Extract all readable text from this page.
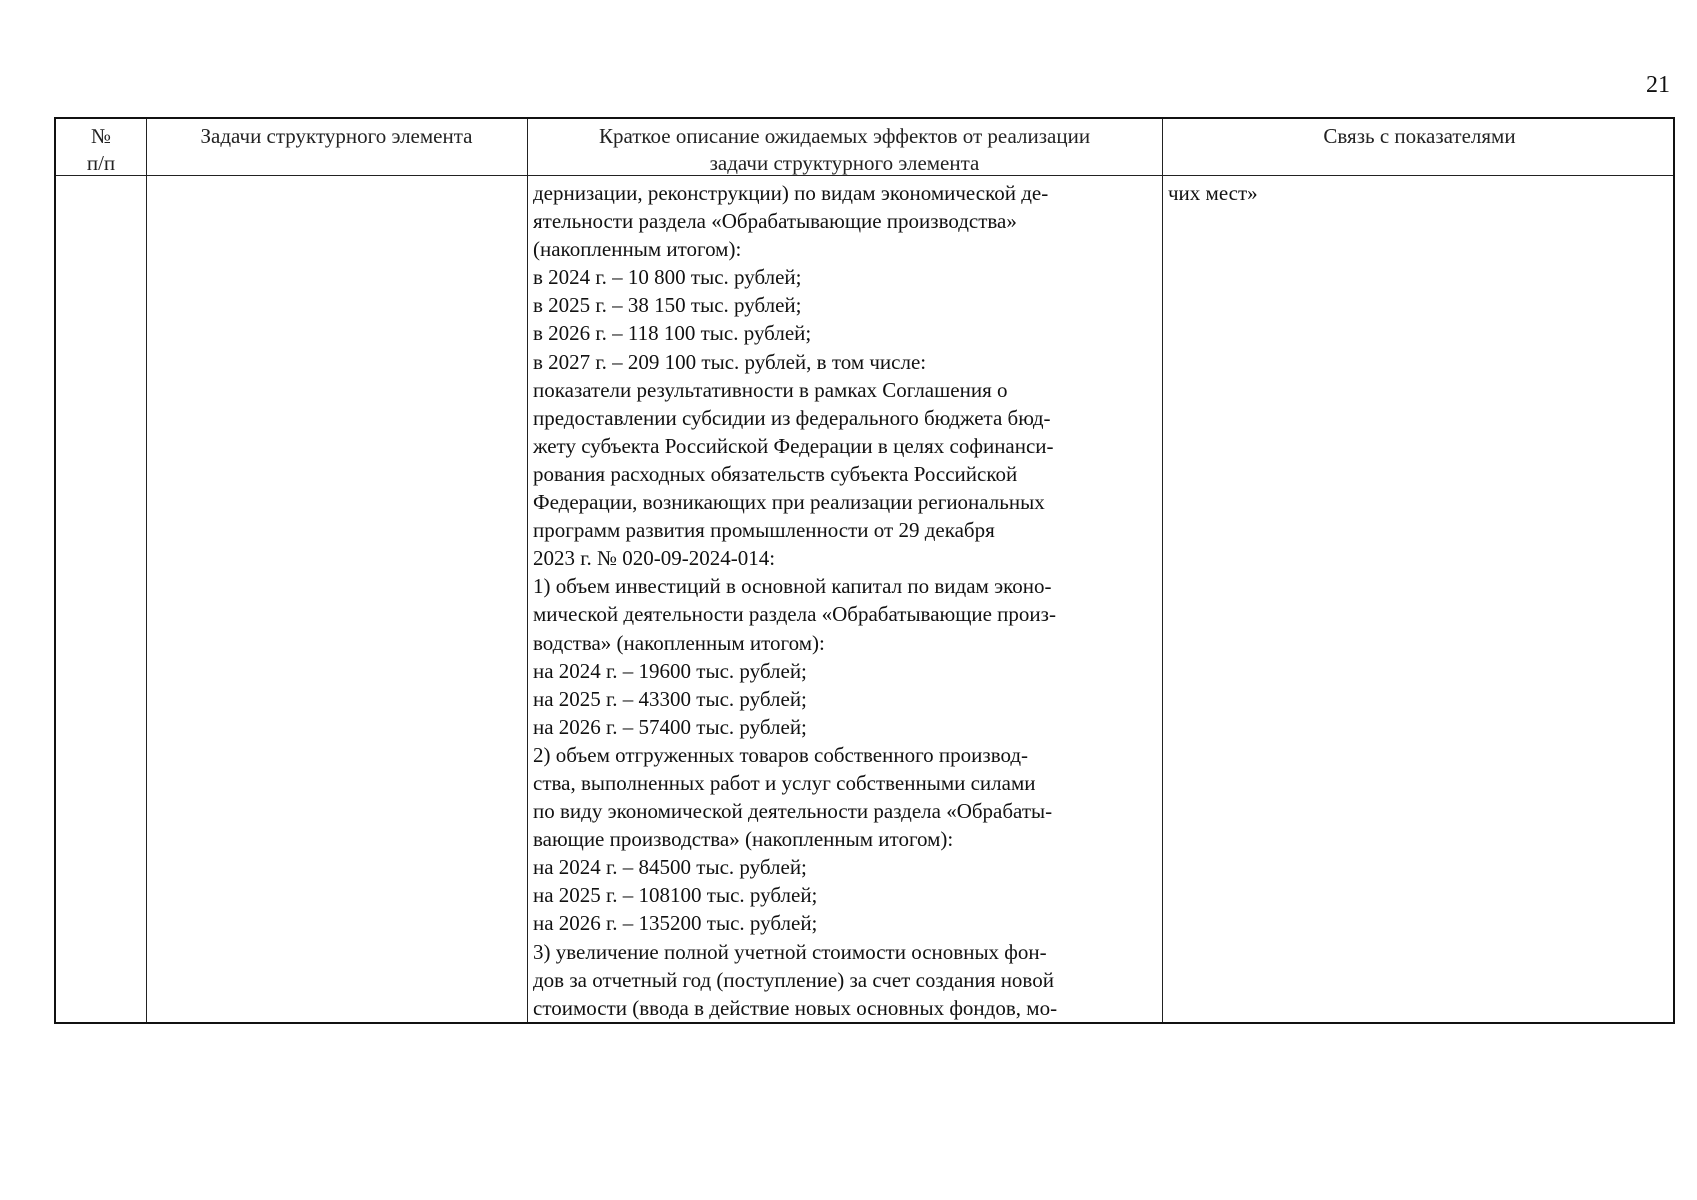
21
№
п/п
Задачи структурного элемента	Краткое описание ожидаемых эффектов от реализации
задачи структурного элемента
Связь с показателями
дернизации, реконструкции) по видам экономической де-
ятельности раздела «Обрабатывающие производства»
(накопленным итогом):
в 2024 г. – 10 800 тыс. рублей;
в 2025 г. – 38 150 тыс. рублей;
в 2026 г. – 118 100 тыс. рублей;
в 2027 г. – 209 100 тыс. рублей, в том числе:
показатели результативности в рамках Соглашения о
предоставлении субсидии из федерального бюджета бюд-
жету субъекта Российской Федерации в целях софинанси-
рования расходных обязательств субъекта Российской
Федерации, возникающих при реализации региональных
программ развития промышленности от 29 декабря
2023 г. № 020-09-2024-014:
1) объем инвестиций в основной капитал по видам эконо-
мической деятельности раздела «Обрабатывающие произ-
водства» (накопленным итогом):
на 2024 г. – 19600 тыс. рублей;
на 2025 г. – 43300 тыс. рублей;
на 2026 г. – 57400 тыс. рублей;
2) объем отгруженных товаров собственного производ-
ства, выполненных работ и услуг собственными силами
по виду экономической деятельности раздела «Обрабаты-
вающие производства» (накопленным итогом):
на 2024 г. – 84500 тыс. рублей;
на 2025 г. – 108100 тыс. рублей;
на 2026 г. – 135200 тыс. рублей;
3) увеличение полной учетной стоимости основных фон-
дов за отчетный год (поступление) за счет создания новой
стоимости (ввода в действие новых основных фондов, мо-
чих мест»
